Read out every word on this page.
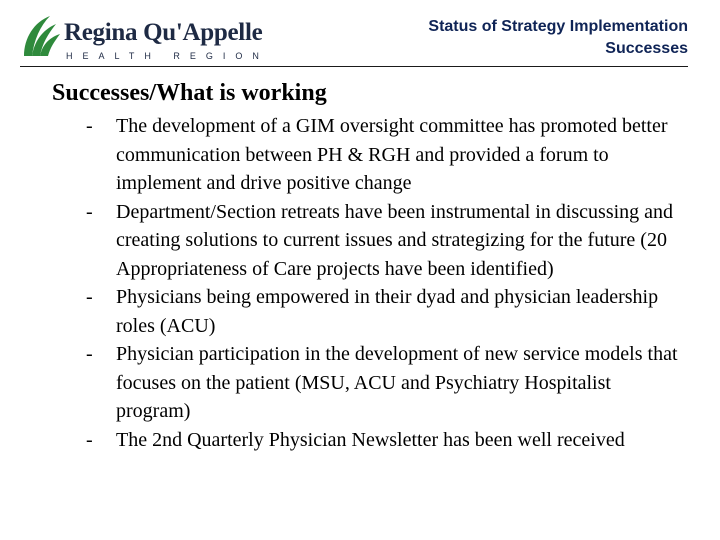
Regina Qu'Appelle
HEALTH REGION
Status of Strategy Implementation
Successes
Successes/What is working
- The development of a GIM oversight committee has promoted better communication between PH & RGH and provided a forum to implement and drive positive change
- Department/Section retreats have been instrumental in discussing and creating solutions to current issues and strategizing for the future (20 Appropriateness of Care projects have been identified)
- Physicians being empowered in their dyad and physician leadership roles (ACU)
- Physician participation in the development of new service models that focuses on the patient (MSU, ACU and Psychiatry Hospitalist program)
- The 2nd Quarterly Physician Newsletter has been well received
